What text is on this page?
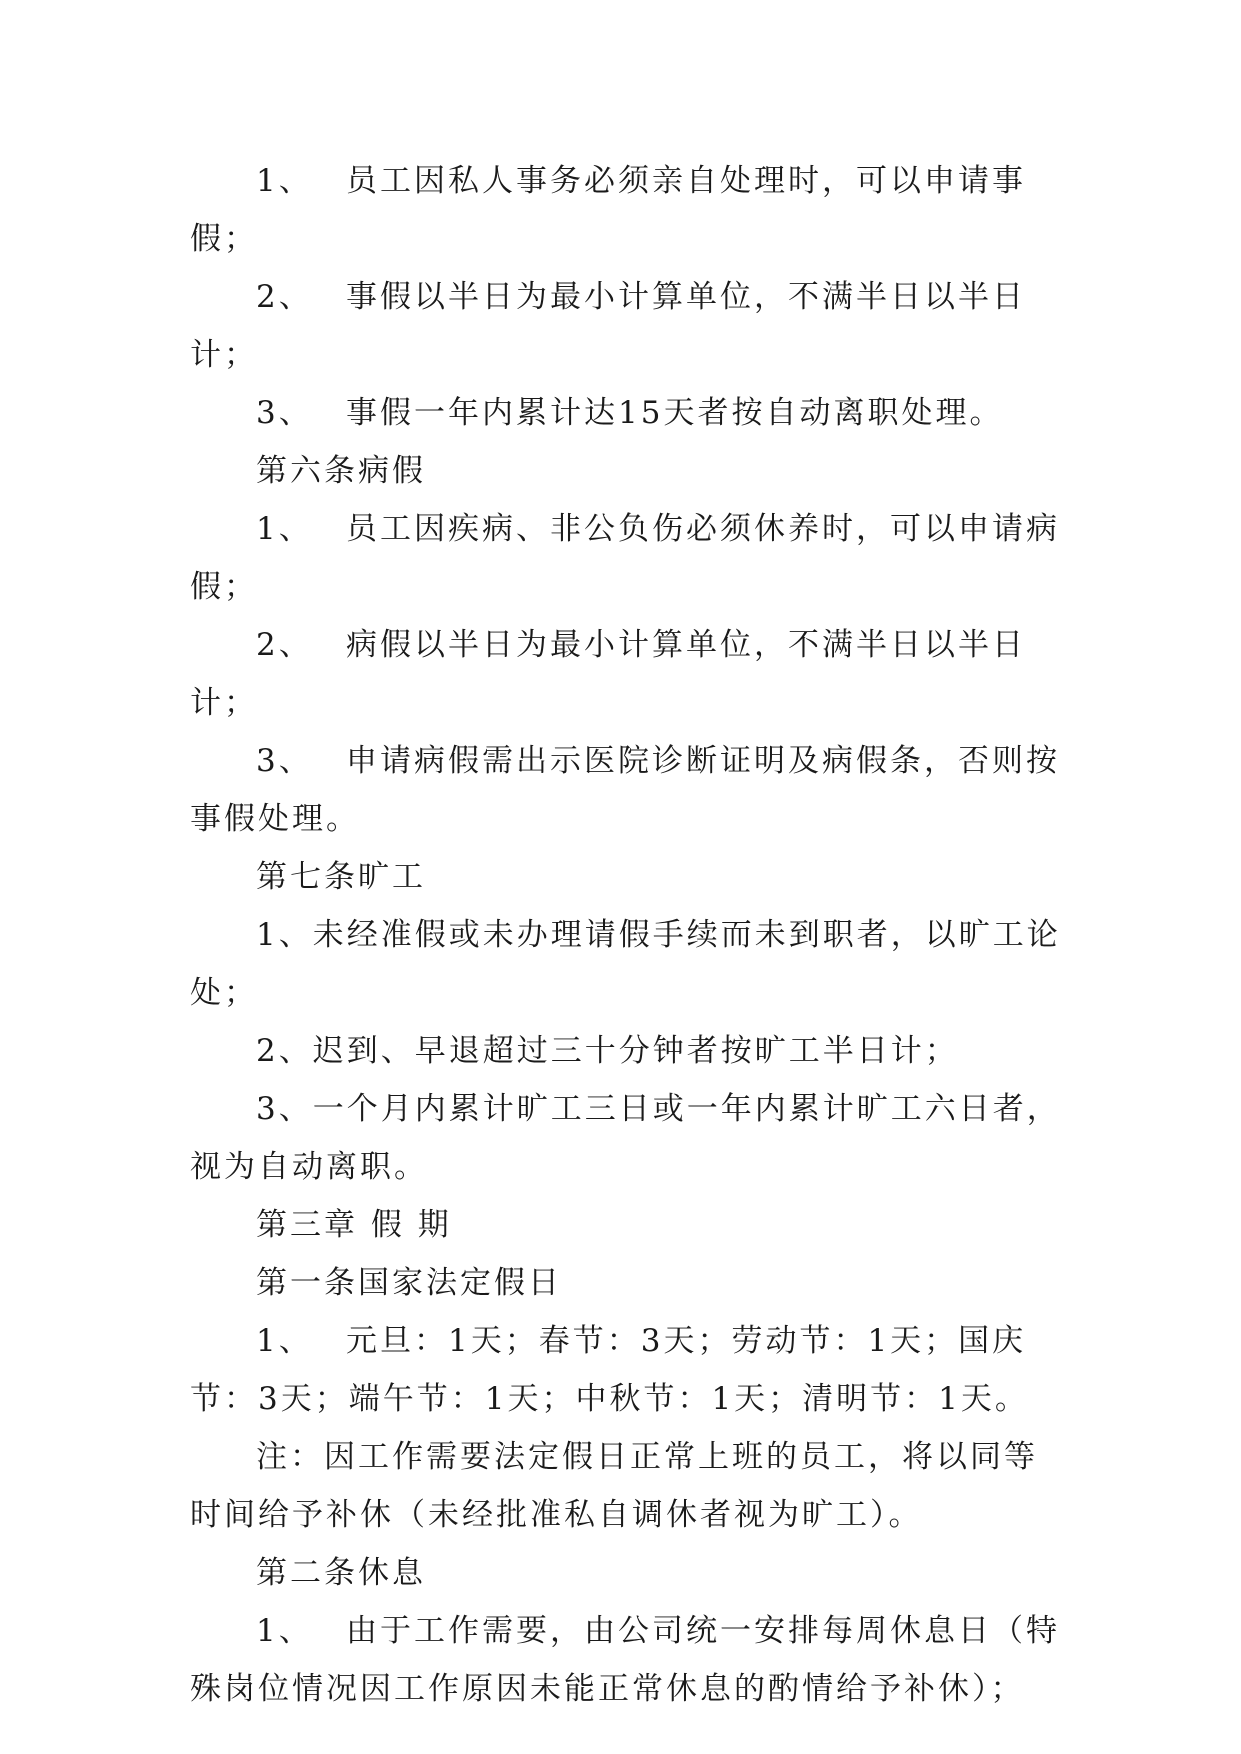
1、 员工因私人事务必须亲自处理时，可以申请事假；

2、 事假以半日为最小计算单位，不满半日以半日计；

3、 事假一年内累计达15天者按自动离职处理。

第六条病假

1、 员工因疾病、非公负伤必须休养时，可以申请病假；

2、 病假以半日为最小计算单位，不满半日以半日计；

3、 申请病假需出示医院诊断证明及病假条，否则按事假处理。

第七条旷工

1、未经准假或未办理请假手续而未到职者，以旷工论处；

2、迟到、早退超过三十分钟者按旷工半日计；

3、一个月内累计旷工三日或一年内累计旷工六日者，视为自动离职。

第三章 假 期

第一条国家法定假日

1、 元旦：1天；春节：3天；劳动节：1天；国庆节：3天；端午节：1天；中秋节：1天；清明节：1天。

注：因工作需要法定假日正常上班的员工，将以同等时间给予补休（未经批准私自调休者视为旷工）。

第二条休息

1、 由于工作需要，由公司统一安排每周休息日（特殊岗位情况因工作原因未能正常休息的酌情给予补休）；
